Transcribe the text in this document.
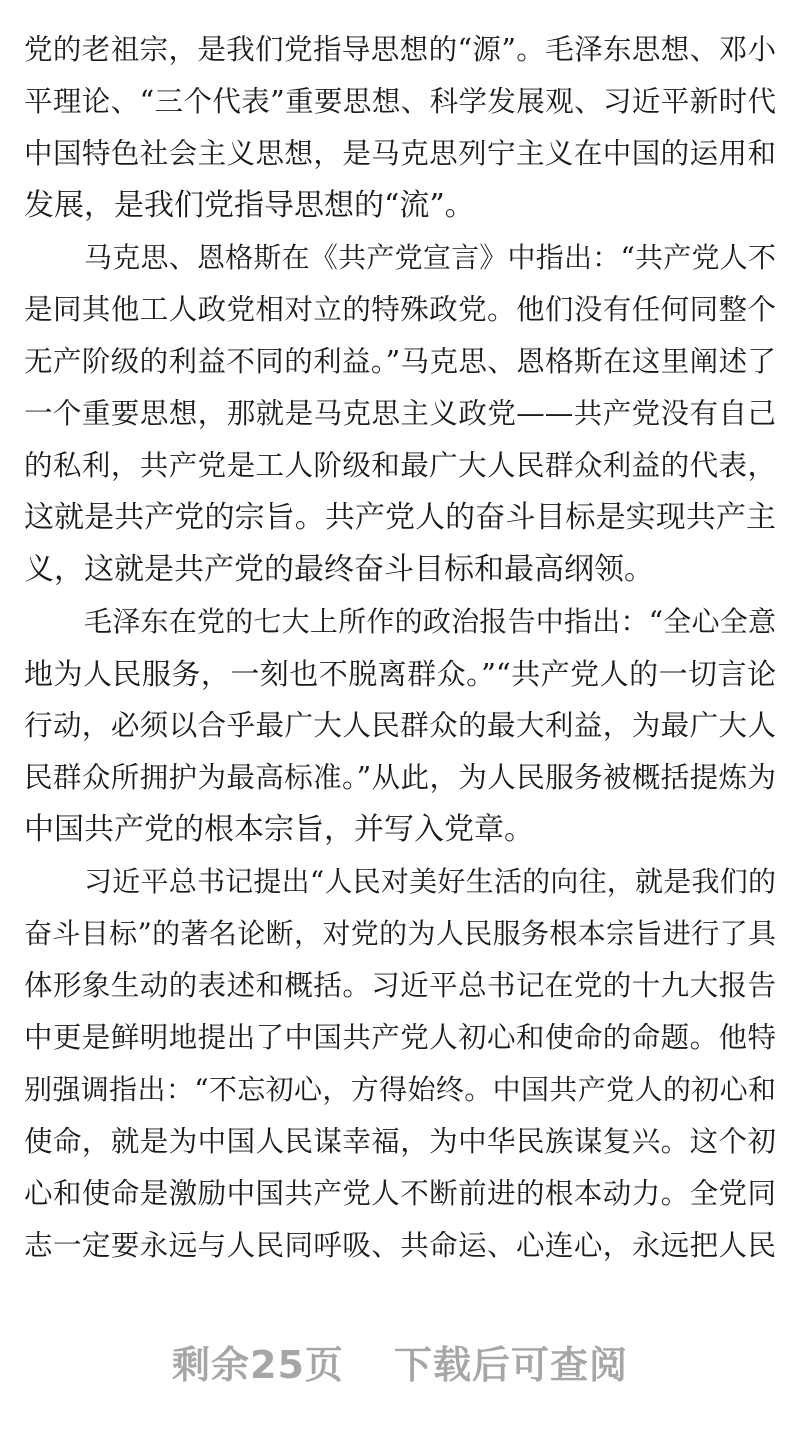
党的老祖宗，是我们党指导思想的“源”。毛泽东思想、邓小
平理论、“三个代表”重要思想、科学发展观、习近平新时代
中国特色社会主义思想，是马克思列宁主义在中国的运用和
发展，是我们党指导思想的“流”。
马克思、恩格斯在《共产党宣言》中指出：“共产党人不
是同其他工人政党相对立的特殊政党。他们没有任何同整个
无产阶级的利益不同的利益。”马克思、恩格斯在这里阐述了
一个重要思想，那就是马克思主义政党——共产党没有自己
的私利，共产党是工人阶级和最广大人民群众利益的代表，
这就是共产党的宗旨。共产党人的奋斗目标是实现共产主
义，这就是共产党的最终奋斗目标和最高纲领。
毛泽东在党的七大上所作的政治报告中指出：“全心全意
地为人民服务，一刻也不脱离群众。”“共产党人的一切言论
行动，必须以合乎最广大人民群众的最大利益，为最广大人
民群众所拥护为最高标准。”从此，为人民服务被概括提炼为
中国共产党的根本宗旨，并写入党章。
习近平总书记提出“人民对美好生活的向往，就是我们的
奋斗目标”的著名论断，对党的为人民服务根本宗旨进行了具
体形象生动的表述和概括。习近平总书记在党的十九大报告
中更是鲜明地提出了中国共产党人初心和使命的命题。他特
别强调指出：“不忘初心，方得始终。中国共产党人的初心和
使命，就是为中国人民谋幸福，为中华民族谋复兴。这个初
心和使命是激励中国共产党人不断前进的根本动力。全党同
志一定要永远与人民同呼吸、共命运、心连心，永远把人民
剩余25页 下载后可查阅
